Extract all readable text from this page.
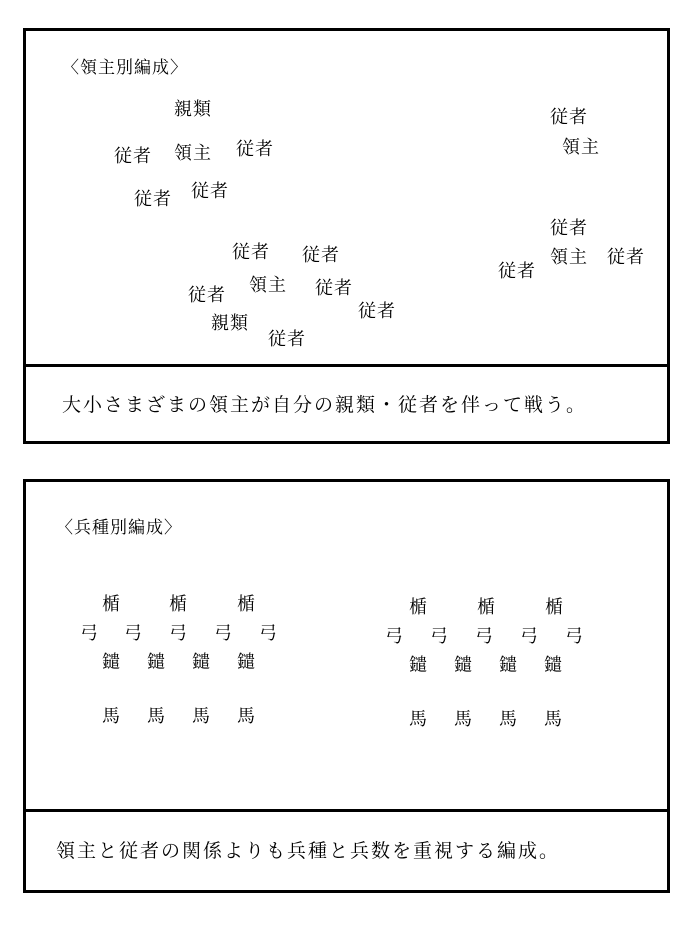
〈領主別編成〉
親類
従者 領主 従者
従者 従者
従者
領主
従者 従者
従者 領主 従者
従者
親類
従者
従者
従者
領主 従者
大小さまざまの領主が自分の親類・従者を伴って戦う。
〈兵種別編成〉
楯	楯	楯
弓 弓 弓 弓 弓
鑓 鑓 鑓 鑓
馬 馬 馬 馬
楯	楯	楯
弓 弓 弓 弓 弓
鑓 鑓 鑓 鑓
馬 馬 馬 馬
領主と従者の関係よりも兵種と兵数を重視する編成。
